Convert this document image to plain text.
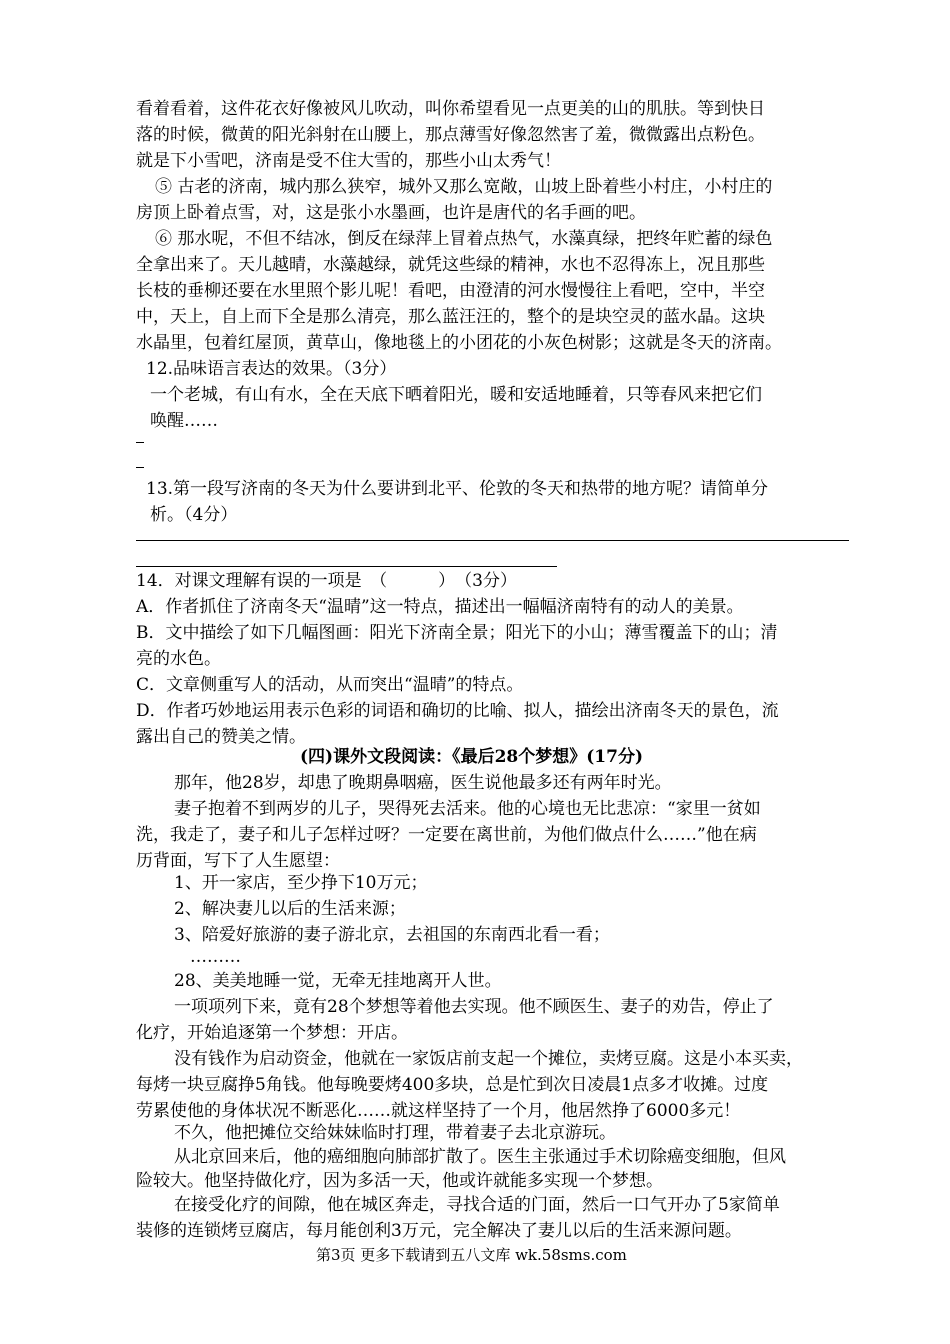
看着看着，这件花衣好像被风儿吹动，叫你希望看见一点更美的山的肌肤。等到快日
落的时候，微黄的阳光斜射在山腰上，那点薄雪好像忽然害了羞，微微露出点粉色。
就是下小雪吧，济南是受不住大雪的，那些小山太秀气！
⑤ 古老的济南，城内那么狭窄，城外又那么宽敞，山坡上卧着些小村庄，小村庄的
房顶上卧着点雪，对，这是张小水墨画，也许是唐代的名手画的吧。
⑥ 那水呢，不但不结冰，倒反在绿萍上冒着点热气，水藻真绿，把终年贮蓄的绿色
全拿出来了。天儿越晴，水藻越绿，就凭这些绿的精神，水也不忍得冻上，况且那些
长枝的垂柳还要在水里照个影儿呢！看吧，由澄清的河水慢慢往上看吧，空中，半空
中，天上，自上而下全是那么清亮，那么蓝汪汪的，整个的是块空灵的蓝水晶。这块
水晶里，包着红屋顶，黄草山，像地毯上的小团花的小灰色树影；这就是冬天的济南。
12.品味语言表达的效果。（3分）
一个老城，有山有水，全在天底下晒着阳光，暖和安适地睡着，只等春风来把它们
唤醒……
13.第一段写济南的冬天为什么要讲到北平、伦敦的冬天和热带的地方呢？请简单分
析。（4分）
14．对课文理解有误的一项是　（　　　）　（3分）
A．作者抓住了济南冬天“温晴”这一特点，描述出一幅幅济南特有的动人的美景。
B．文中描绘了如下几幅图画：阳光下济南全景；阳光下的小山；薄雪覆盖下的山；清
亮的水色。
C．文章侧重写人的活动，从而突出“温晴”的特点。
D．作者巧妙地运用表示色彩的词语和确切的比喻、拟人，描绘出济南冬天的景色，流
露出自己的赞美之情。
(四)课外文段阅读：《最后28个梦想》(17分)
那年，他28岁，却患了晚期鼻咽癌，医生说他最多还有两年时光。
妻子抱着不到两岁的儿子，哭得死去活来。他的心境也无比悲凉：“家里一贫如
洗，我走了，妻子和儿子怎样过呀？一定要在离世前，为他们做点什么……”他在病
历背面，写下了人生愿望：
1、开一家店，至少挣下10万元；
2、解决妻儿以后的生活来源；
3、陪爱好旅游的妻子游北京，去祖国的东南西北看一看；
………
28、美美地睡一觉，无牵无挂地离开人世。
一项项列下来，竟有28个梦想等着他去实现。他不顾医生、妻子的劝告，停止了
化疗，开始追逐第一个梦想：开店。
没有钱作为启动资金，他就在一家饭店前支起一个摊位，卖烤豆腐。这是小本买卖，
每烤一块豆腐挣5角钱。他每晚要烤400多块，总是忙到次日凌晨1点多才收摊。过度
劳累使他的身体状况不断恶化……就这样坚持了一个月，他居然挣了6000多元！
不久，他把摊位交给妹妹临时打理，带着妻子去北京游玩。
从北京回来后，他的癌细胞向肺部扩散了。医生主张通过手术切除癌变细胞，但风
险较大。他坚持做化疗，因为多活一天，他或许就能多实现一个梦想。
在接受化疗的间隙，他在城区奔走，寻找合适的门面，然后一口气开办了5家简单
装修的连锁烤豆腐店，每月能创利3万元，完全解决了妻儿以后的生活来源问题。
第3页 更多下载请到五八文库 wk.58sms.com
